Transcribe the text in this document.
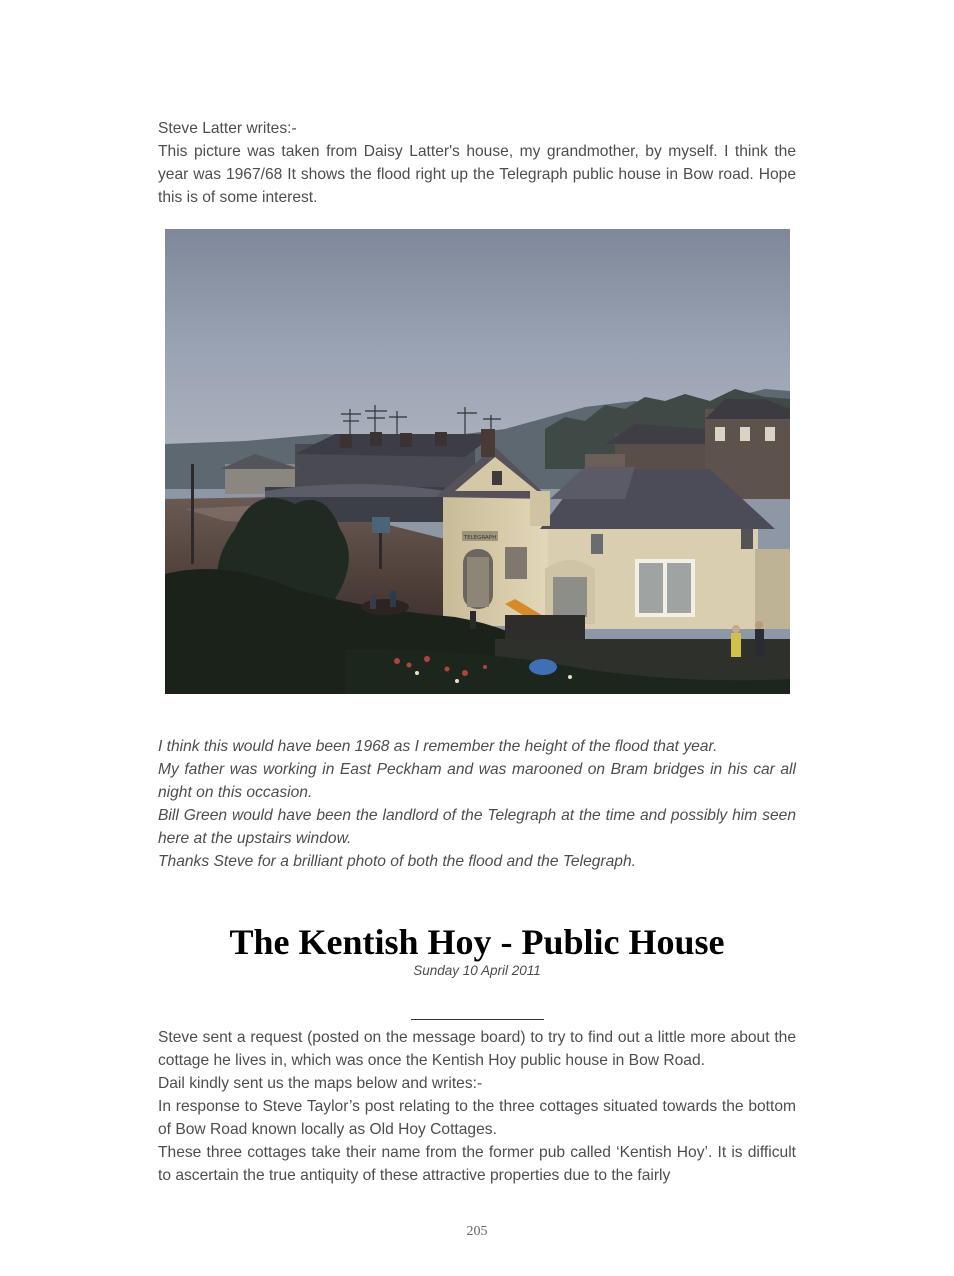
Steve Latter writes:-

This picture was taken from Daisy Latter's house, my grandmother, by myself. I think the year was 1967/68 It shows the flood right up the Telegraph public house in Bow road. Hope this is of some interest.

TELEGRAPH

I think this would have been 1968 as I remember the height of the flood that year.

My father was working in East Peckham and was marooned on Bram bridges in his car all night on this occasion.

Bill Green would have been the landlord of the Telegraph at the time and possibly him seen here at the upstairs window.

Thanks Steve for a brilliant photo of both the flood and the Telegraph.

The Kentish Hoy - Public House
Sunday 10 April 2011

Steve sent a request (posted on the message board) to try to find out a little more about the cottage he lives in, which was once the Kentish Hoy public house in Bow Road.

Dail kindly sent us the maps below and writes:-

In response to Steve Taylor’s post relating to the three cottages situated towards the bottom of Bow Road known locally as Old Hoy Cottages.

These three cottages take their name from the former pub called ‘Kentish Hoy’. It is difficult to ascertain the true antiquity of these attractive properties due to the fairly

205
